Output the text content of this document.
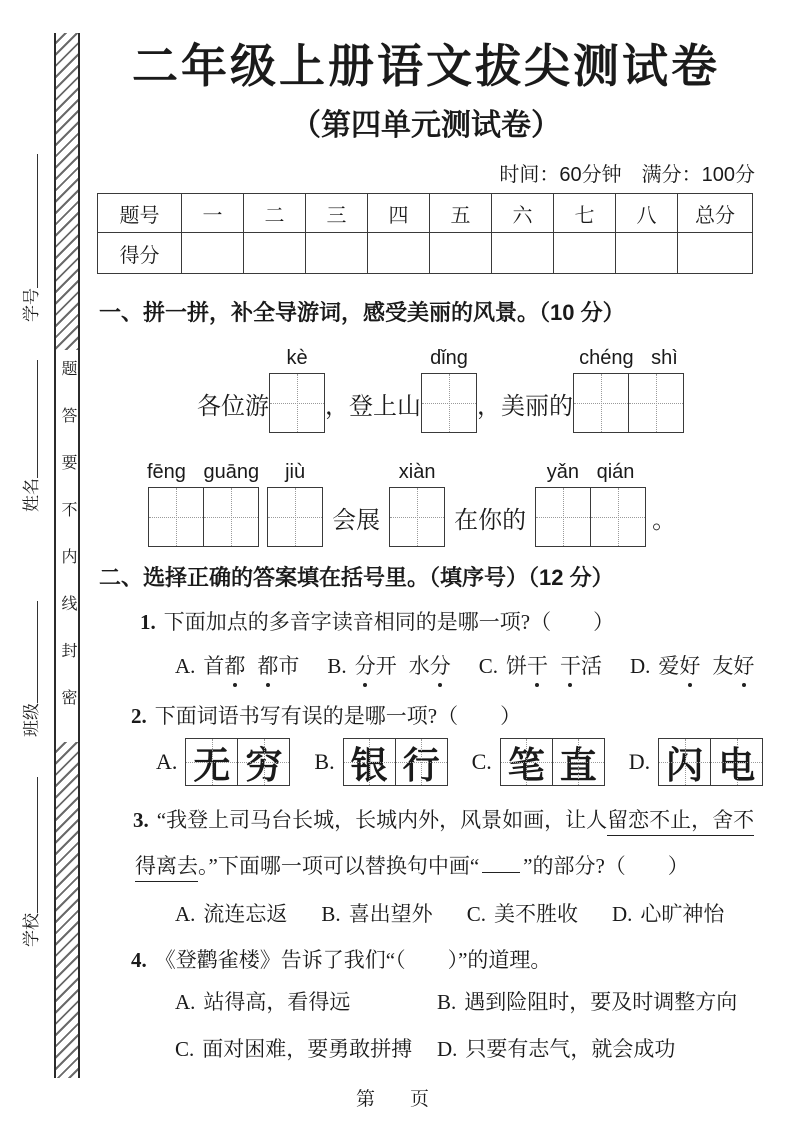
题答要不内线封密
学号
姓名
班级
学校
二年级上册语文拔尖测试卷
（第四单元测试卷）
时间：60分钟　满分：100分
题号	一	二	三	四	五	六	七	八	总分
得分									
一、拼一拼，补全导游词，感受美丽的风景。（10 分）
各位游
kè
，登上山
dǐng
，美丽的
chéng shì
fēng guāng jiù
会展
xiàn
在你的
yǎn qián
。
二、选择正确的答案填在括号里。（填序号）（12 分）
1. 下面加点的多音字读音相同的是哪一项?（　　）
A. 首都 都市 B. 分开 水分 C. 饼干 干活 D. 爱好 友好
2. 下面词语书写有误的是哪一项?（　　）
A. 无 穷	B. 银 行	C. 笔 直	D. 闪 电
3. “我登上司马台长城，长城内外，风景如画，让人留恋不止，舍不
得离去。”下面哪一项可以替换句中画“ ”的部分?（　　）
A. 流连忘返 B. 喜出望外 C. 美不胜收 D. 心旷神怡
4. 《登鹳雀楼》告诉了我们“（　　）”的道理。
A. 站得高，看得远	B. 遇到险阻时，要及时调整方向
C. 面对困难，要勇敢拼搏	D. 只要有志气，就会成功
第　页
